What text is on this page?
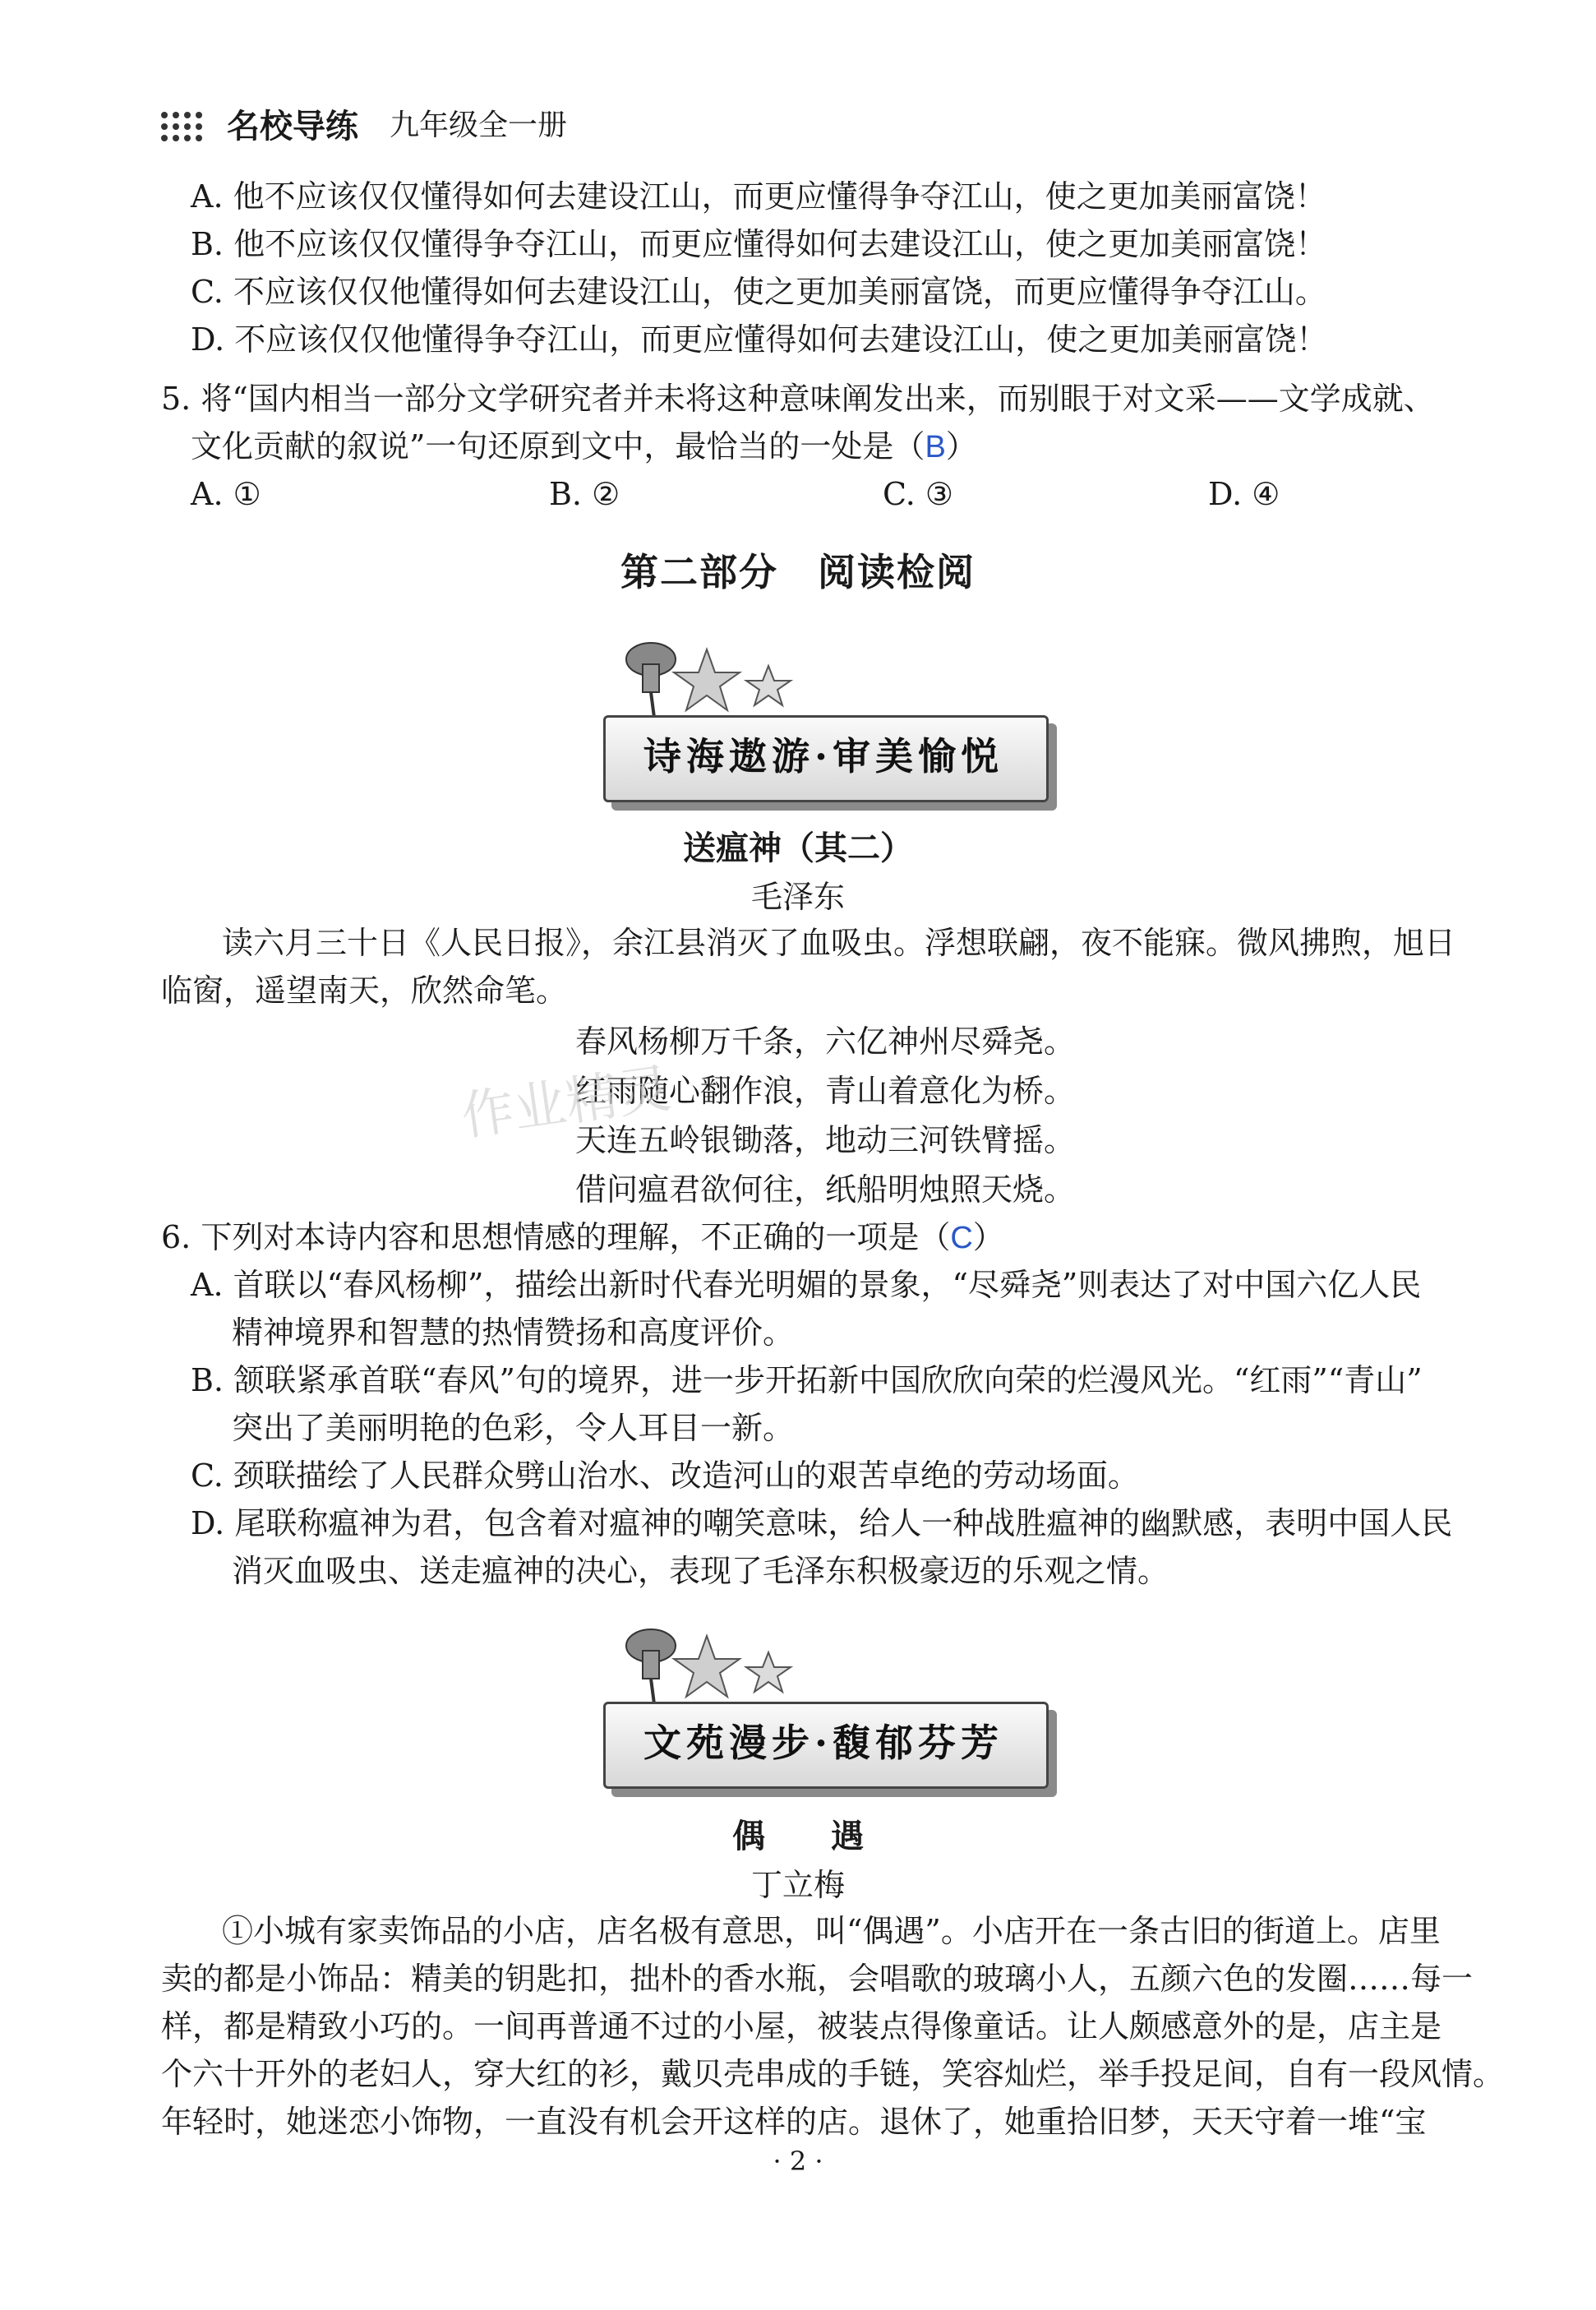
名校导练 九年级全一册
A. 他不应该仅仅懂得如何去建设江山，而更应懂得争夺江山，使之更加美丽富饶！
B. 他不应该仅仅懂得争夺江山，而更应懂得如何去建设江山，使之更加美丽富饶！
C. 不应该仅仅他懂得如何去建设江山，使之更加美丽富饶，而更应懂得争夺江山。
D. 不应该仅仅他懂得争夺江山，而更应懂得如何去建设江山，使之更加美丽富饶！
5. 将“国内相当一部分文学研究者并未将这种意味阐发出来，而别眼于对文采——文学成就、
文化贡献的叙说”一句还原到文中，最恰当的一处是（B）
A. ①	B. ②	C. ③	D. ④
第二部分　阅读检阅
诗海遨游·审美愉悦
送瘟神（其二）
毛泽东
读六月三十日《人民日报》，余江县消灭了血吸虫。浮想联翩，夜不能寐。微风拂煦，旭日
临窗，遥望南天，欣然命笔。
春风杨柳万千条，六亿神州尽舜尧。
红雨随心翻作浪，青山着意化为桥。
天连五岭银锄落，地动三河铁臂摇。
借问瘟君欲何往，纸船明烛照天烧。
作业精灵
6. 下列对本诗内容和思想情感的理解，不正确的一项是（C）
A. 首联以“春风杨柳”，描绘出新时代春光明媚的景象，“尽舜尧”则表达了对中国六亿人民
精神境界和智慧的热情赞扬和高度评价。
B. 颔联紧承首联“春风”句的境界，进一步开拓新中国欣欣向荣的烂漫风光。“红雨”“青山”
突出了美丽明艳的色彩，令人耳目一新。
C. 颈联描绘了人民群众劈山治水、改造河山的艰苦卓绝的劳动场面。
D. 尾联称瘟神为君，包含着对瘟神的嘲笑意味，给人一种战胜瘟神的幽默感，表明中国人民
消灭血吸虫、送走瘟神的决心，表现了毛泽东积极豪迈的乐观之情。
文苑漫步·馥郁芬芳
偶　　遇
丁立梅
①小城有家卖饰品的小店，店名极有意思，叫“偶遇”。小店开在一条古旧的街道上。店里
卖的都是小饰品：精美的钥匙扣，拙朴的香水瓶，会唱歌的玻璃小人，五颜六色的发圈……每一
样，都是精致小巧的。一间再普通不过的小屋，被装点得像童话。让人颇感意外的是，店主是
个六十开外的老妇人，穿大红的衫，戴贝壳串成的手链，笑容灿烂，举手投足间，自有一段风情。
年轻时，她迷恋小饰物，一直没有机会开这样的店。退休了，她重拾旧梦，天天守着一堆“宝
· 2 ·
